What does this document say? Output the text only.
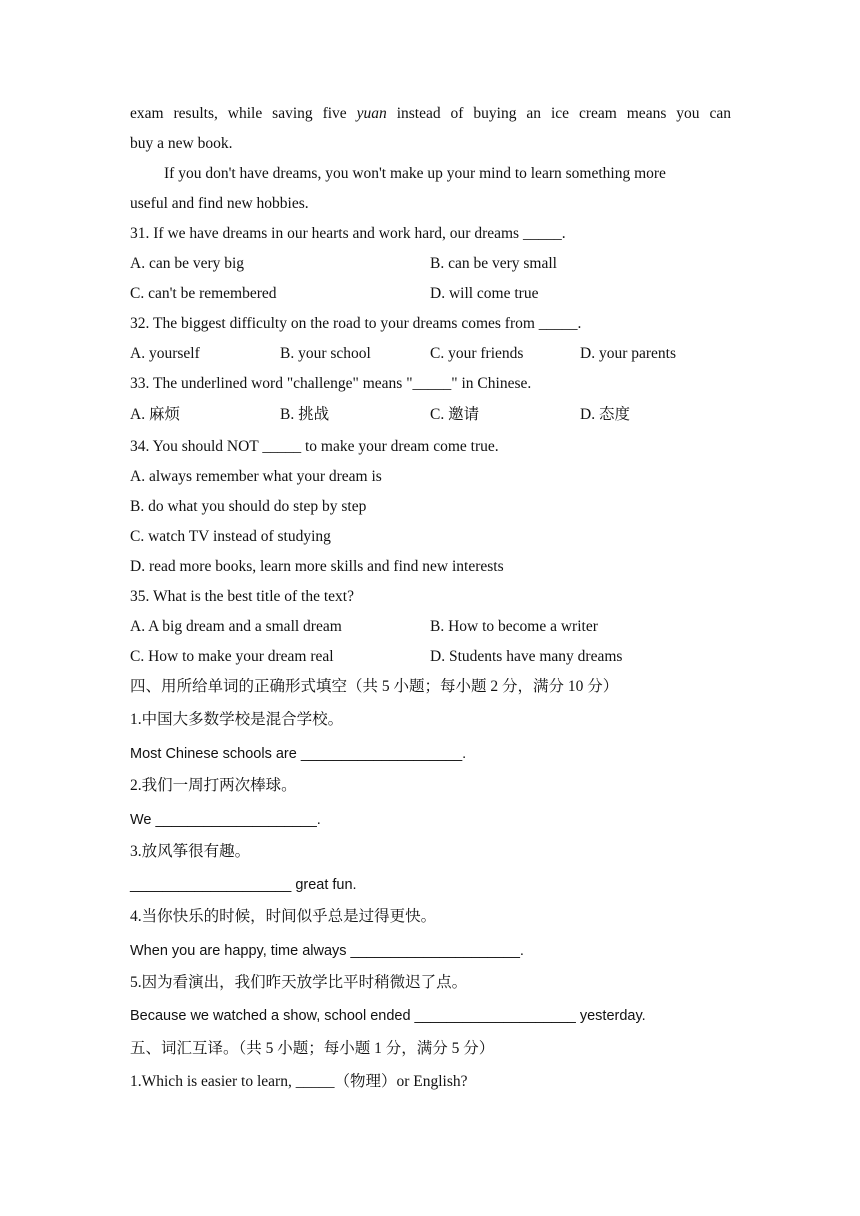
exam results, while saving five yuan instead of buying an ice cream means you can
buy a new book.
If you don't have dreams, you won't make up your mind to learn something more
useful and find new hobbies.
31. If we have dreams in our hearts and work hard, our dreams _____.
A. can be very big	B. can be very small
C. can't be remembered	D. will come true
32. The biggest difficulty on the road to your dreams comes from _____.
A. yourself	B. your school	C. your friends	D. your parents
33. The underlined word "challenge" means "_____" in Chinese.
A. 麻烦	B. 挑战	C. 邀请	D. 态度
34. You should NOT _____ to make your dream come true.
A. always remember what your dream is
B. do what you should do step by step
C. watch TV instead of studying
D. read more books, learn more skills and find new interests
35. What is the best title of the text?
A. A big dream and a small dream	B. How to become a writer
C. How to make your dream real	D. Students have many dreams
四、用所给单词的正确形式填空（共 5 小题；每小题 2 分，满分 10 分）
1.中国大多数学校是混合学校。
Most Chinese schools are ____________________.
2.我们一周打两次棒球。
We ____________________.
3.放风筝很有趣。
____________________ great fun.
4.当你快乐的时候，时间似乎总是过得更快。
When you are happy, time always _____________________.
5.因为看演出，我们昨天放学比平时稍微迟了点。
Because we watched a show, school ended ____________________ yesterday.
五、词汇互译。（共 5 小题；每小题 1 分，满分 5 分）
1.Which is easier to learn, _____（物理）or English?
